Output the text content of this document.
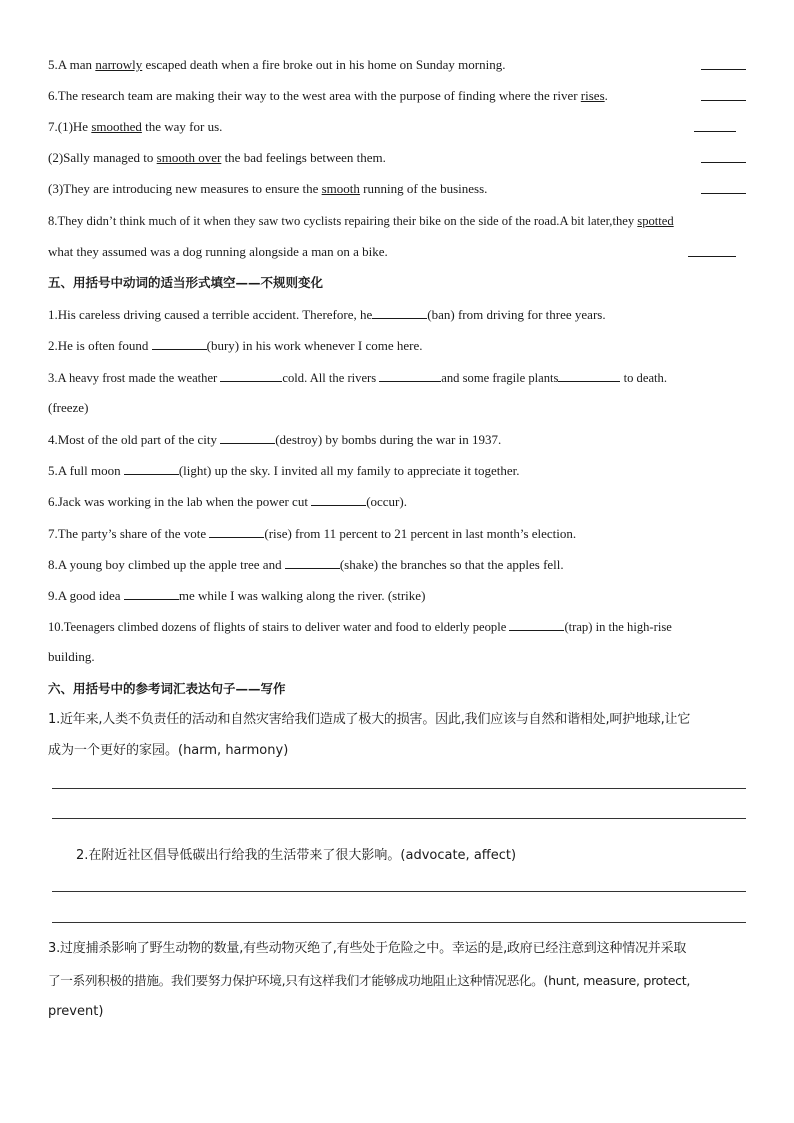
5.A man narrowly escaped death when a fire broke out in his home on Sunday morning.
6.The research team are making their way to the west area with the purpose of finding where the river rises.
7.(1)He smoothed the way for us.
(2)Sally managed to smooth over the bad feelings between them.
(3)They are introducing new measures to ensure the smooth running of the business.
8.They didn’t think much of it when they saw two cyclists repairing their bike on the side of the road.A bit later,they spotted
what they assumed was a dog running alongside a man on a bike.
五、用括号中动词的适当形式填空——不规则变化
1.His careless driving caused a terrible accident. Therefore, he	(ban) from driving for three years.
2.He is often found	(bury) in his work whenever I come here.
3.A heavy frost made the weather	cold. All the rivers	and some fragile plants	to death.
(freeze)
4.Most of the old part of the city	(destroy) by bombs during the war in 1937.
5.A full moon	(light) up the sky. I invited all my family to appreciate it together.
6.Jack was working in the lab when the power cut	(occur).
7.The party’s share of the vote	(rise) from 11 percent to 21 percent in last month’s election.
8.A young boy climbed up the apple tree and	(shake) the branches so that the apples fell.
9.A good idea	me while I was walking along the river. (strike)
10.Teenagers climbed dozens of flights of stairs to deliver water and food to elderly people	(trap) in the high-rise
building.
六、用括号中的参考词汇表达句子——写作
1.近年来,人类不负责任的活动和自然灾害给我们造成了极大的损害。因此,我们应该与自然和谐相处,呵护地球,让它
成为一个更好的家园。(harm, harmony)
2.在附近社区倡导低碳出行给我的生活带来了很大影响。(advocate, affect)
3.过度捕杀影响了野生动物的数量,有些动物灭绝了,有些处于危险之中。幸运的是,政府已经注意到这种情况并采取
了一系列积极的措施。我们要努力保护环境,只有这样我们才能够成功地阻止这种情况恶化。(hunt, measure, protect,
prevent)
